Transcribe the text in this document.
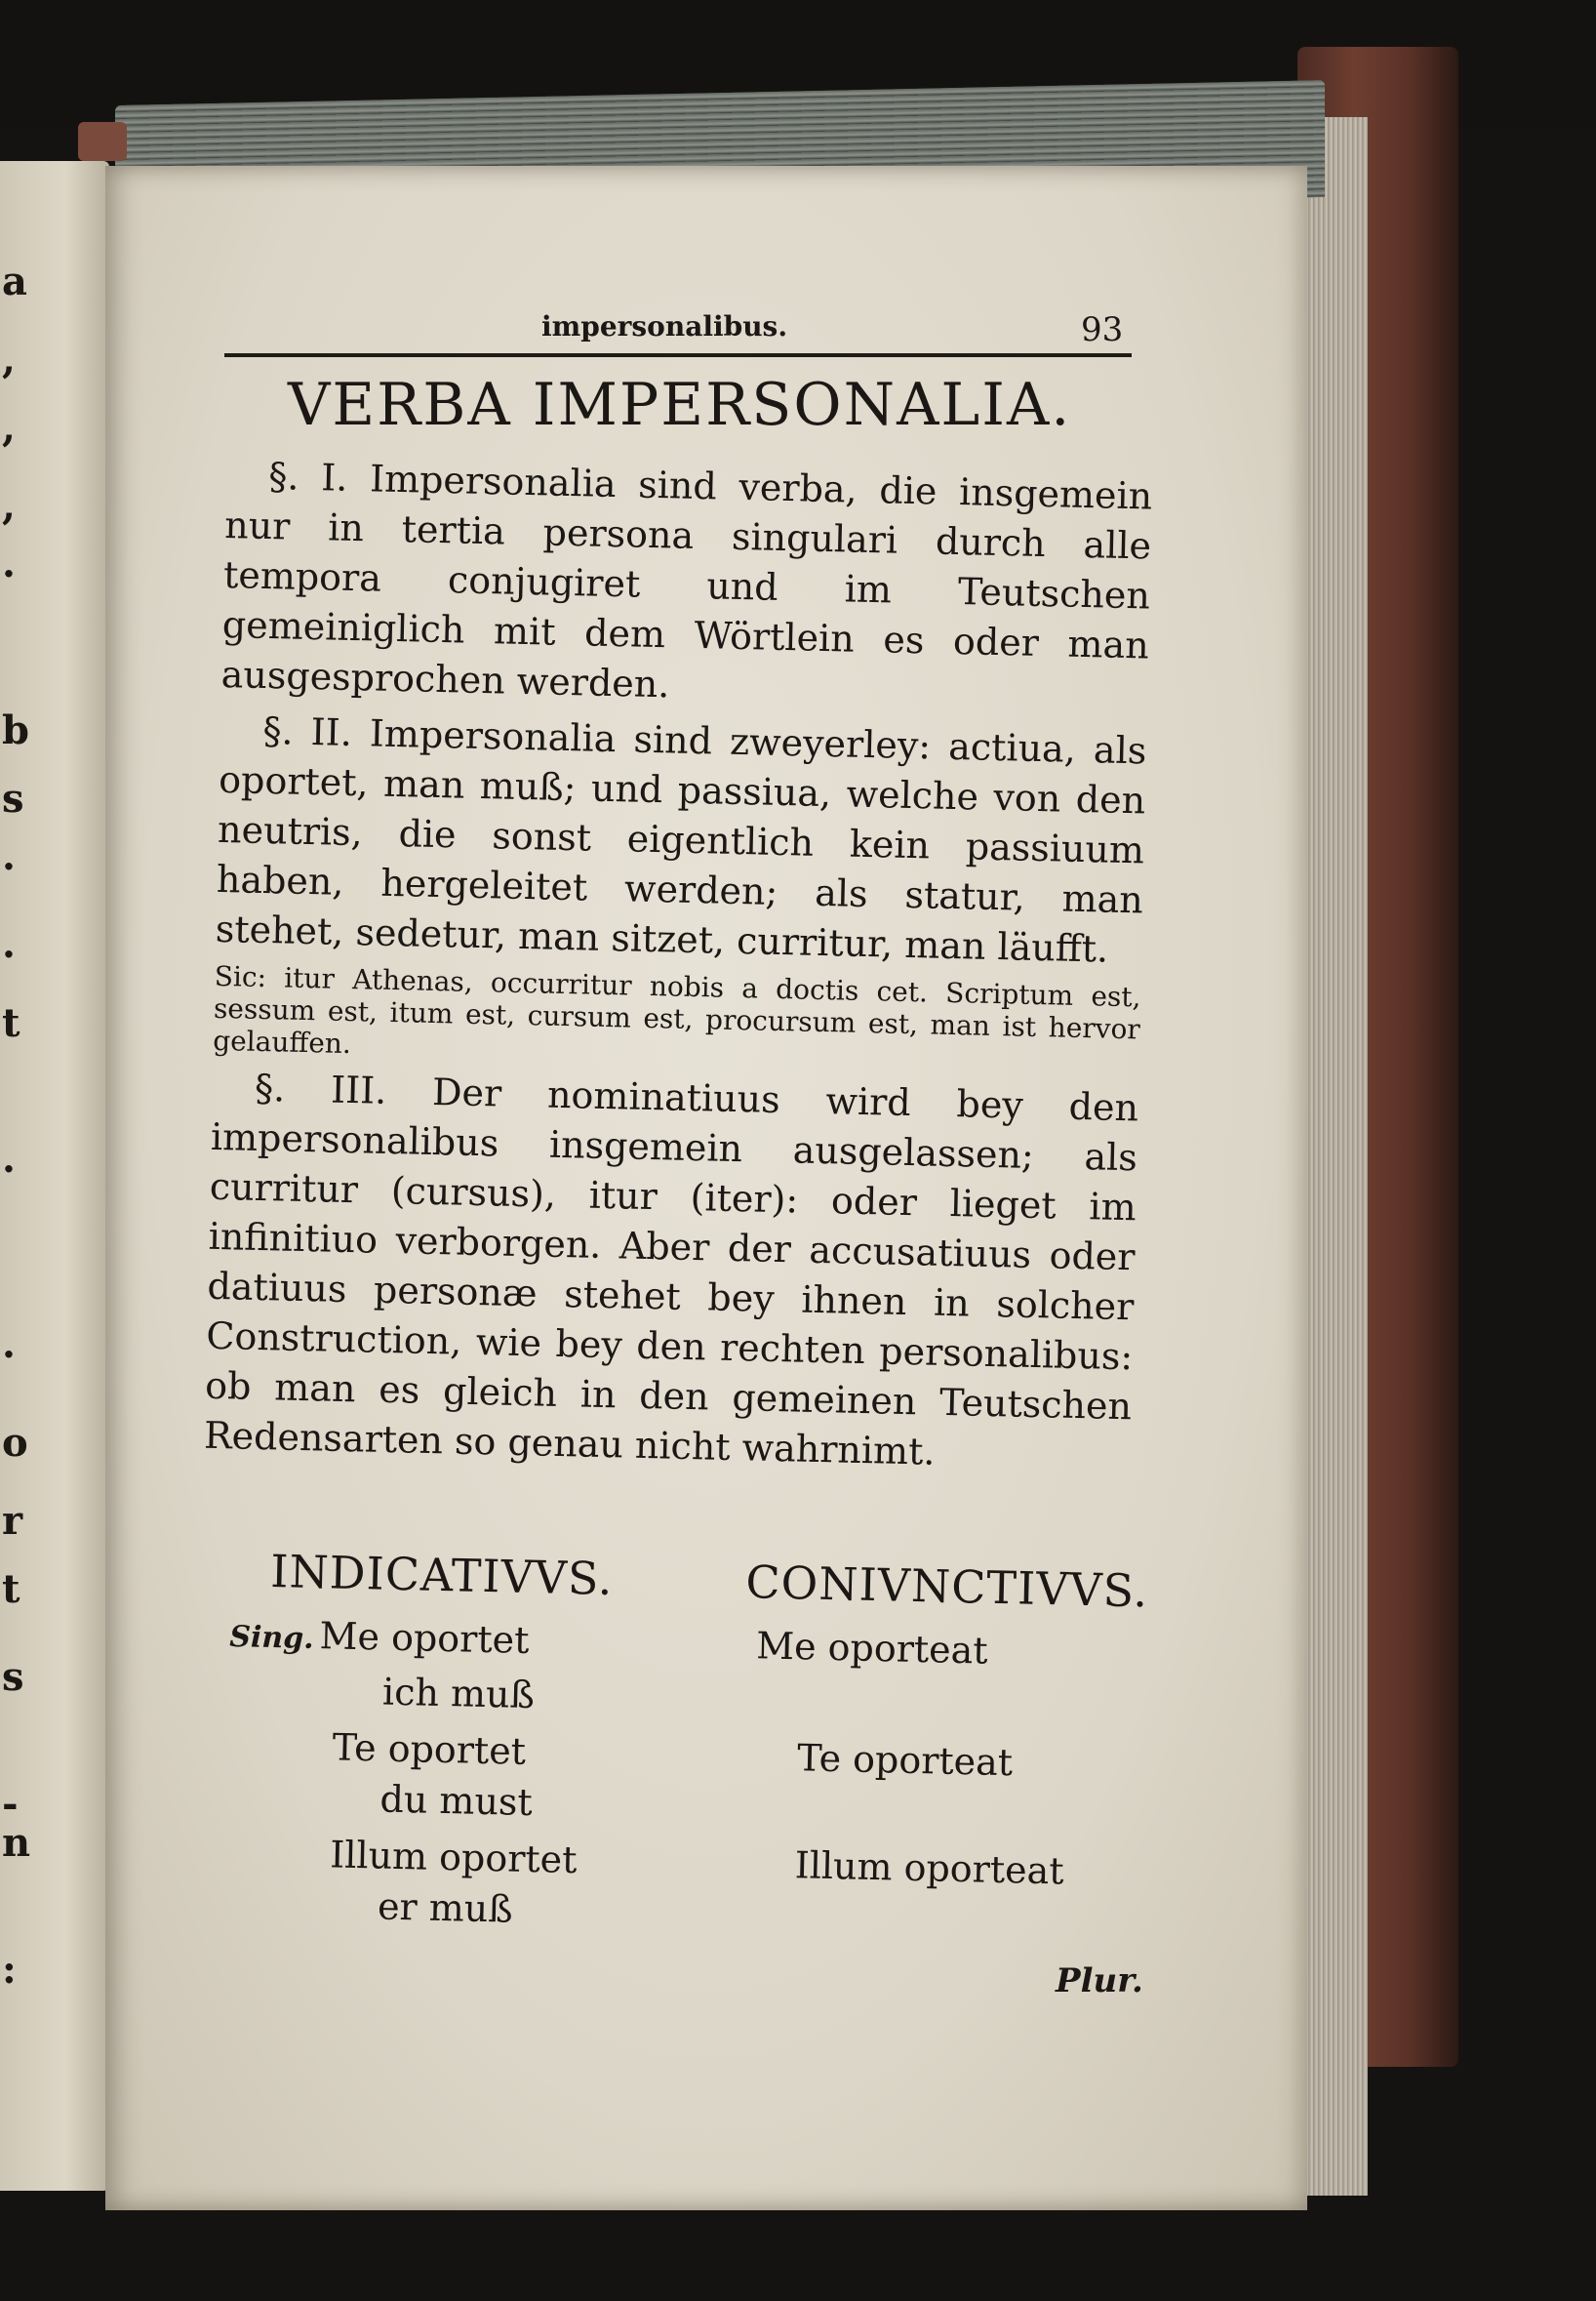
a
,
,
,
·
b
s
·
·
t
·
·
o
r
t
s
-
n
:
impersonalibus.	93
VERBA IMPERSONALIA.

§. I. Impersonalia sind verba, die insgemein nur in tertia persona singulari durch alle tempora conjugiret und im Teutschen gemeiniglich mit dem Wörtlein es oder man ausgesprochen werden.

§. II. Impersonalia sind zweyerley: actiua, als oportet, man muß; und passiua, welche von den neutris, die sonst eigentlich kein passiuum haben, hergeleitet werden; als statur, man stehet, sedetur, man sitzet, curritur, man läufft.

Sic: itur Athenas, occurritur nobis a doctis cet. Scriptum est, sessum est, itum est, cursum est, procursum est, man ist hervor gelauffen.

§. III. Der nominatiuus wird bey den impersonalibus insgemein ausgelassen; als curritur (cursus), itur (iter): oder lieget im infinitiuo verborgen. Aber der accusatiuus oder datiuus personæ stehet bey ihnen in solcher Construction, wie bey den rechten personalibus: ob man es gleich in den gemeinen Teutschen Redensarten so genau nicht wahrnimt.

INDICATIVVS.	CONIVNCTIVVS.
Sing. Me oportet	Me oporteat
ich muß
Te oportet	Te oporteat
du must
Illum oportet	Illum oporteat
er muß
Plur.
